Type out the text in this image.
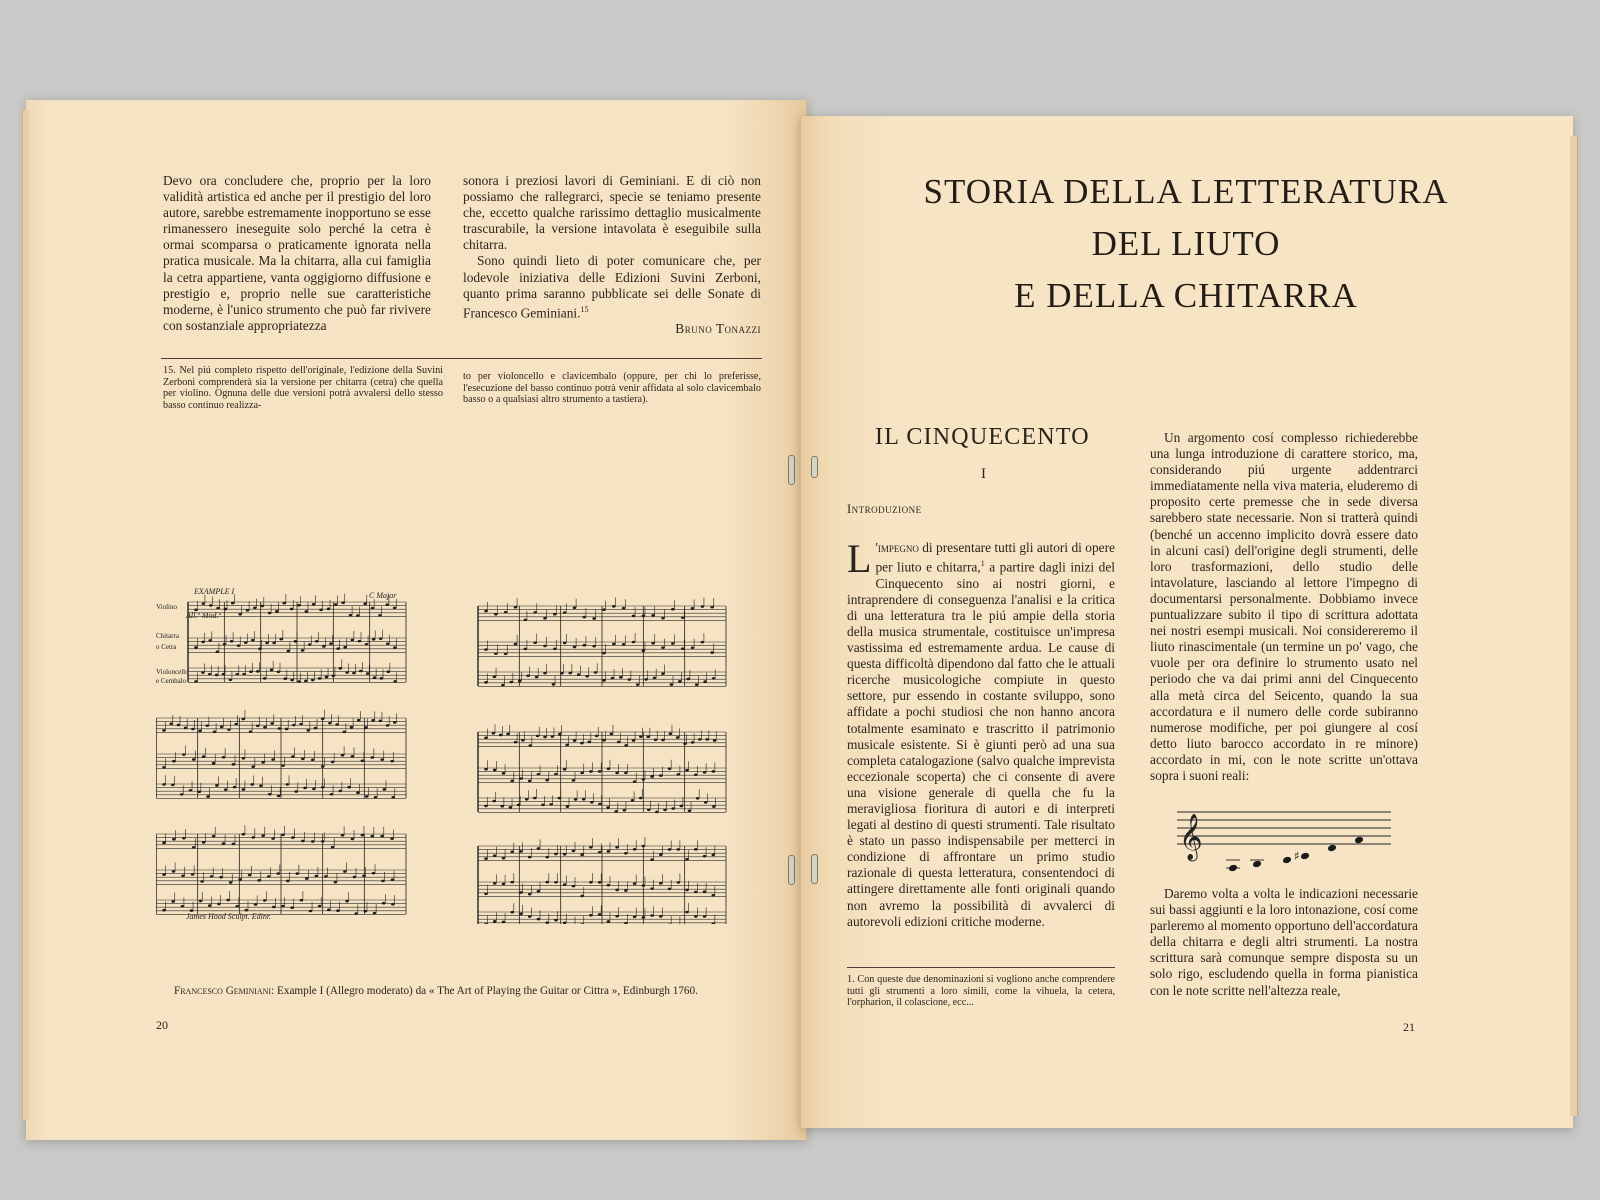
Devo ora concludere che, proprio per la loro validità artistica ed anche per il prestigio del loro autore, sarebbe estremamente inopportuno se esse rimanessero ineseguite solo perché la cetra è ormai scomparsa o praticamente ignorata nella pratica musicale. Ma la chitarra, alla cui famiglia la cetra appartiene, vanta oggigiorno diffusione e prestigio e, proprio nelle sue caratteristiche moderne, è l'unico strumento che può far rivivere con sostanziale appropriatezza

sonora i preziosi lavori di Geminiani. E di ciò non possiamo che rallegrarci, specie se teniamo presente che, eccetto qualche rarissimo dettaglio musicalmente trascurabile, la versione intavolata è eseguibile sulla chitarra.

Sono quindi lieto di poter comunicare che, per lodevole iniziativa delle Edizioni Suvini Zerboni, quanto prima saranno pubblicate sei delle Sonate di Francesco Geminiani.$^{15}$

Bruno Tonazzi

15. Nel piú completo rispetto dell'originale, l'edizione della Suvini Zerboni comprenderà sia la versione per chitarra (cetra) che quella per violino. Ognuna delle due versioni potrà avvalersi dello stesso basso continuo realizza-

to per violoncello e clavicembalo (oppure, per chi lo preferisse, l'esecuzione del basso continuo potrà venir affidata al solo clavicembalo basso o a qualsiasi altro strumento a tastiera).

EXAMPLE I	C Major
All.º Mod.º
Violino
Chitarra
o Cetra
Violoncello
e Cembalo
James Hood Sculpt. Edinr.
Francesco Geminiani: Example I (Allegro moderato) da « The Art of Playing the Guitar or Cittra », Edinburgh 1760.
20
STORIA DELLA LETTERATURA
DEL LIUTO
E DELLA CHITARRA
IL CINQUECENTO
I
Introduzione

L 'impegno di presentare tutti gli autori di opere per liuto e chitarra,$^1$ a partire dagli inizi del Cinquecento sino ai nostri giorni, e intraprendere di conseguenza l'analisi e la critica di una letteratura tra le piú ampie della storia della musica strumentale, costituisce un'impresa vastissima ed estremamente ardua. Le cause di questa difficoltà dipendono dal fatto che le attuali ricerche musicologiche compiute in questo settore, pur essendo in costante sviluppo, sono affidate a pochi studiosi che non hanno ancora totalmente esaminato e trascritto il patrimonio musicale esistente. Si è giunti però ad una sua completa catalogazione (salvo qualche imprevista eccezionale scoperta) che ci consente di avere una visione generale di quella che fu la meravigliosa fioritura di autori e di interpreti legati al destino di questi strumenti. Tale risultato è stato un passo indispensabile per metterci in condizione di affrontare un primo studio razionale di questa letteratura, consentendoci di attingere direttamente alle fonti originali quando non avremo la possibilità di avvalerci di autorevoli edizioni critiche moderne.

1. Con queste due denominazioni si vogliono anche comprendere tutti gli strumenti a loro simili, come la vihuela, la cetera, l'orpharion, il colascione, ecc...

Un argomento cosí complesso richiederebbe una lunga introduzione di carattere storico, ma, considerando piú urgente addentrarci immediatamente nella viva materia, eluderemo di proposito certe premesse che in sede diversa sarebbero state necessarie. Non si tratterà quindi (benché un accenno implicito dovrà essere dato in alcuni casi) dell'origine degli strumenti, delle loro trasformazioni, dello studio delle intavolature, lasciando al lettore l'impegno di documentarsi personalmente. Dobbiamo invece puntualizzare subito il tipo di scrittura adottata nei nostri esempi musicali. Noi considereremo il liuto rinascimentale (un termine un po' vago, che vuole per ora definire lo strumento usato nel periodo che va dai primi anni del Cinquecento alla metà circa del Seicento, quando la sua accordatura e il numero delle corde subiranno numerose modifiche, per poi giungere al cosí detto liuto barocco accordato in re minore) accordato in mi, con le note scritte un'ottava sopra i suoni reali:

𝄞	♯

Daremo volta a volta le indicazioni necessarie sui bassi aggiunti e la loro intonazione, cosí come parleremo al momento opportuno dell'accordatura della chitarra e degli altri strumenti. La nostra scrittura sarà comunque sempre disposta su un solo rigo, escludendo quella in forma pianistica con le note scritte nell'altezza reale,

21
